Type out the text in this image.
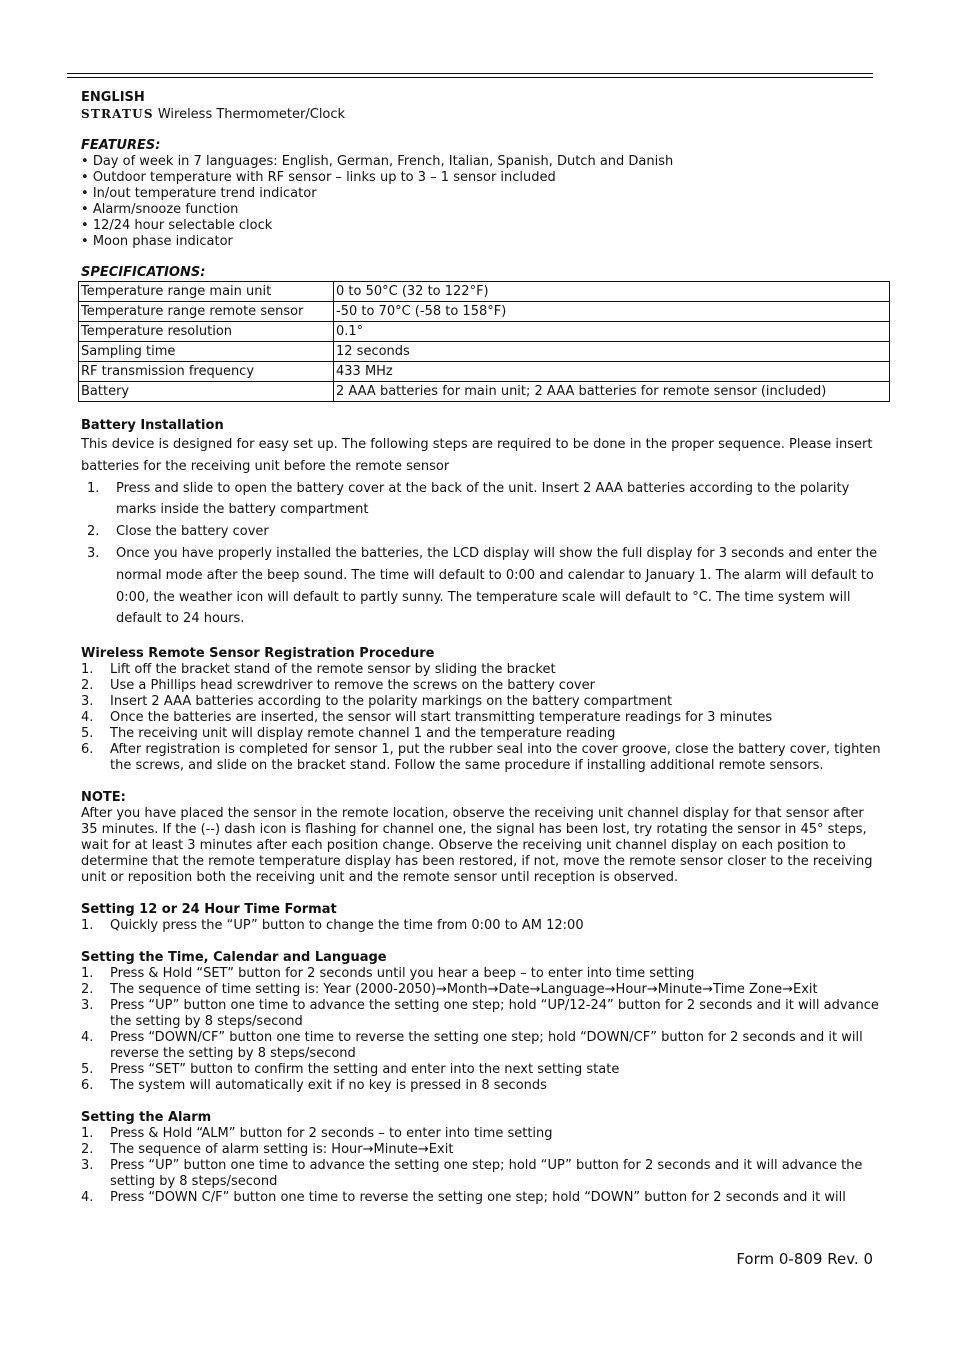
ENGLISH
STRATUS Wireless Thermometer/Clock
FEATURES:
• Day of week in 7 languages: English, German, French, Italian, Spanish, Dutch and Danish
• Outdoor temperature with RF sensor – links up to 3 – 1 sensor included
• In/out temperature trend indicator
• Alarm/snooze function
• 12/24 hour selectable clock
• Moon phase indicator
SPECIFICATIONS:
Temperature range main unit	0 to 50°C (32 to 122°F)
Temperature range remote sensor	-50 to 70°C (-58 to 158°F)
Temperature resolution	0.1°
Sampling time	12 seconds
RF transmission frequency	433 MHz
Battery	2 AAA batteries for main unit; 2 AAA batteries for remote sensor (included)
Battery Installation
This device is designed for easy set up. The following steps are required to be done in the proper sequence. Please insert batteries for the receiving unit before the remote sensor
1. Press and slide to open the battery cover at the back of the unit. Insert 2 AAA batteries according to the polarity marks inside the battery compartment
2. Close the battery cover
3. Once you have properly installed the batteries, the LCD display will show the full display for 3 seconds and enter the normal mode after the beep sound. The time will default to 0:00 and calendar to January 1. The alarm will default to 0:00, the weather icon will default to partly sunny. The temperature scale will default to °C. The time system will default to 24 hours.
Wireless Remote Sensor Registration Procedure
1. Lift off the bracket stand of the remote sensor by sliding the bracket
2. Use a Phillips head screwdriver to remove the screws on the battery cover
3. Insert 2 AAA batteries according to the polarity markings on the battery compartment
4. Once the batteries are inserted, the sensor will start transmitting temperature readings for 3 minutes
5. The receiving unit will display remote channel 1 and the temperature reading
6. After registration is completed for sensor 1, put the rubber seal into the cover groove, close the battery cover, tighten the screws, and slide on the bracket stand. Follow the same procedure if installing additional remote sensors.
NOTE:
After you have placed the sensor in the remote location, observe the receiving unit channel display for that sensor after 35 minutes. If the (--) dash icon is flashing for channel one, the signal has been lost, try rotating the sensor in 45° steps, wait for at least 3 minutes after each position change. Observe the receiving unit channel display on each position to determine that the remote temperature display has been restored, if not, move the remote sensor closer to the receiving unit or reposition both the receiving unit and the remote sensor until reception is observed.
Setting 12 or 24 Hour Time Format
1. Quickly press the “UP” button to change the time from 0:00 to AM 12:00
Setting the Time, Calendar and Language
1. Press & Hold “SET” button for 2 seconds until you hear a beep – to enter into time setting
2. The sequence of time setting is: Year (2000-2050)→Month→Date→Language→Hour→Minute→Time Zone→Exit
3. Press “UP” button one time to advance the setting one step; hold “UP/12-24” button for 2 seconds and it will advance the setting by 8 steps/second
4. Press “DOWN/CF” button one time to reverse the setting one step; hold “DOWN/CF” button for 2 seconds and it will reverse the setting by 8 steps/second
5. Press “SET” button to confirm the setting and enter into the next setting state
6. The system will automatically exit if no key is pressed in 8 seconds
Setting the Alarm
1. Press & Hold “ALM” button for 2 seconds – to enter into time setting
2. The sequence of alarm setting is: Hour→Minute→Exit
3. Press “UP” button one time to advance the setting one step; hold “UP” button for 2 seconds and it will advance the setting by 8 steps/second
4. Press “DOWN C/F” button one time to reverse the setting one step; hold “DOWN” button for 2 seconds and it will
Form 0-809 Rev. 0
